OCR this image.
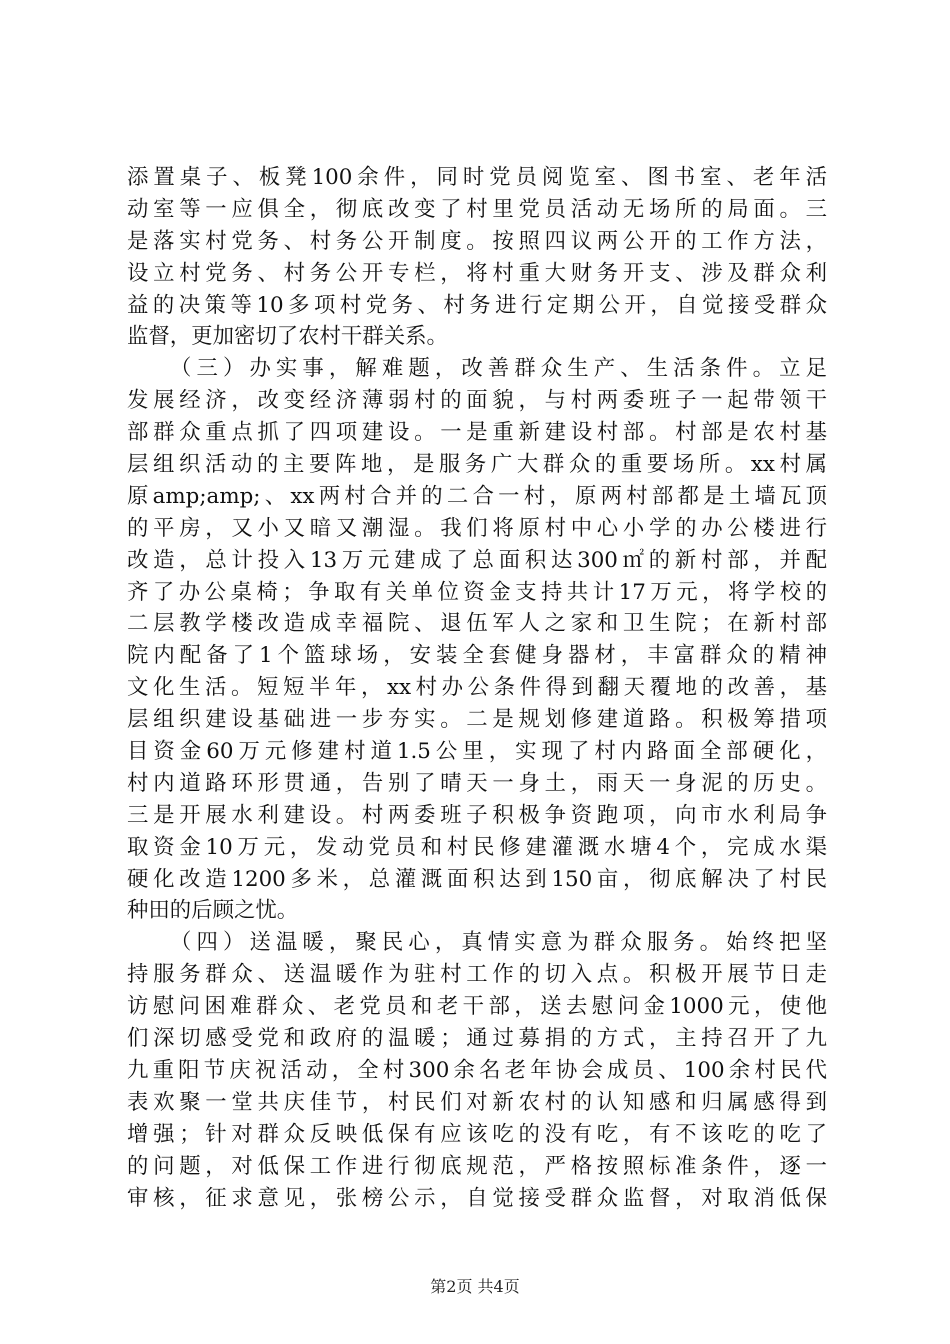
添置桌子、板凳100余件，同时党员阅览室、图书室、老年活
动室等一应俱全，彻底改变了村里党员活动无场所的局面。三
是落实村党务、村务公开制度。按照四议两公开的工作方法，
设立村党务、村务公开专栏，将村重大财务开支、涉及群众利
益的决策等10多项村党务、村务进行定期公开，自觉接受群众
监督，更加密切了农村干群关系。
（三）办实事，解难题，改善群众生产、生活条件。立足
发展经济，改变经济薄弱村的面貌，与村两委班子一起带领干
部群众重点抓了四项建设。一是重新建设村部。村部是农村基
层组织活动的主要阵地，是服务广大群众的重要场所。xx村属
原amp;amp;、xx两村合并的二合一村，原两村部都是土墙瓦顶
的平房，又小又暗又潮湿。我们将原村中心小学的办公楼进行
改造，总计投入13万元建成了总面积达300㎡的新村部，并配
齐了办公桌椅；争取有关单位资金支持共计17万元，将学校的
二层教学楼改造成幸福院、退伍军人之家和卫生院；在新村部
院内配备了1个篮球场，安装全套健身器材，丰富群众的精神
文化生活。短短半年，xx村办公条件得到翻天覆地的改善，基
层组织建设基础进一步夯实。二是规划修建道路。积极筹措项
目资金60万元修建村道1.5公里，实现了村内路面全部硬化，
村内道路环形贯通，告别了晴天一身土，雨天一身泥的历史。
三是开展水利建设。村两委班子积极争资跑项，向市水利局争
取资金10万元，发动党员和村民修建灌溉水塘4个，完成水渠
硬化改造1200多米，总灌溉面积达到150亩，彻底解决了村民
种田的后顾之忧。
（四）送温暖，聚民心，真情实意为群众服务。始终把坚
持服务群众、送温暖作为驻村工作的切入点。积极开展节日走
访慰问困难群众、老党员和老干部，送去慰问金1000元，使他
们深切感受党和政府的温暖；通过募捐的方式，主持召开了九
九重阳节庆祝活动，全村300余名老年协会成员、100余村民代
表欢聚一堂共庆佳节，村民们对新农村的认知感和归属感得到
增强；针对群众反映低保有应该吃的没有吃，有不该吃的吃了
的问题，对低保工作进行彻底规范，严格按照标准条件，逐一
审核，征求意见，张榜公示，自觉接受群众监督，对取消低保
第2页 共4页
